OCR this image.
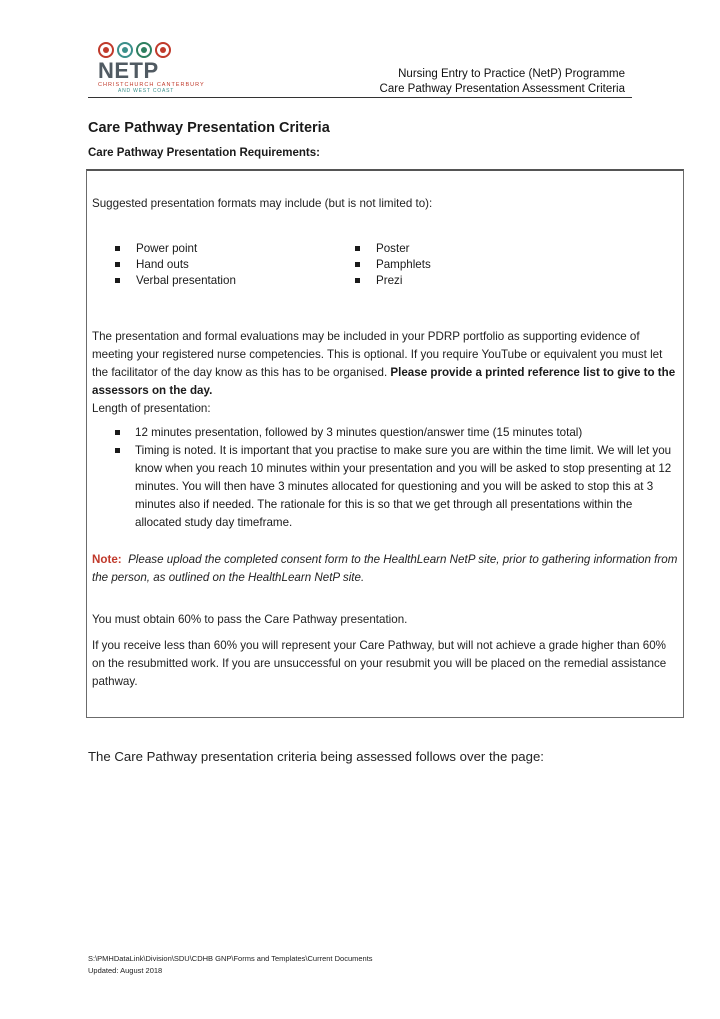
NETP
CHRISTCHURCH CANTERBURY
AND WEST COAST
Nursing Entry to Practice (NetP) Programme
Care Pathway Presentation Assessment Criteria
Care Pathway Presentation Criteria
Care Pathway Presentation Requirements:
Suggested presentation formats may include (but is not limited to):
Power point
Hand outs
Verbal presentation
Poster
Pamphlets
Prezi
The presentation and formal evaluations may be included in your PDRP portfolio as supporting evidence of meeting your registered nurse competencies. This is optional. If you require YouTube or equivalent you must let the facilitator of the day know as this has to be organised. Please provide a printed reference list to give to the assessors on the day.
Length of presentation:
12 minutes presentation, followed by 3 minutes question/answer time (15 minutes total)
Timing is noted. It is important that you practise to make sure you are within the time limit. We will let you know when you reach 10 minutes within your presentation and you will be asked to stop presenting at 12 minutes. You will then have 3 minutes allocated for questioning and you will be asked to stop this at 3 minutes also if needed. The rationale for this is so that we get through all presentations within the allocated study day timeframe.
Note: Please upload the completed consent form to the HealthLearn NetP site, prior to gathering information from the person, as outlined on the HealthLearn NetP site.
You must obtain 60% to pass the Care Pathway presentation.
If you receive less than 60% you will represent your Care Pathway, but will not achieve a grade higher than 60% on the resubmitted work. If you are unsuccessful on your resubmit you will be placed on the remedial assistance pathway.
The Care Pathway presentation criteria being assessed follows over the page:
S:\PMHDataLink\Division\SDU\CDHB GNP\Forms and Templates\Current Documents
Updated: August 2018
